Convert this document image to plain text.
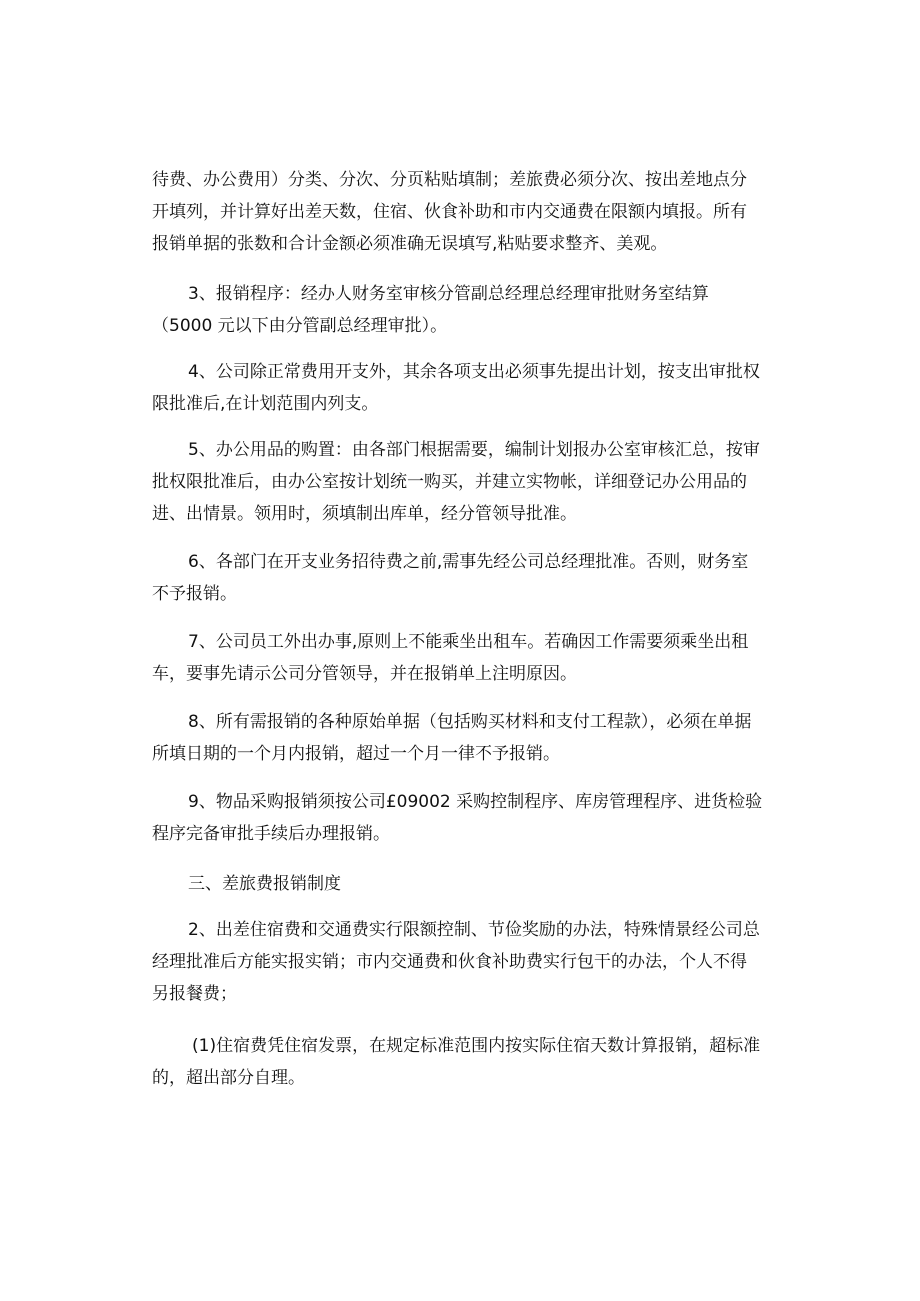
待费、办公费用）分类、分次、分页粘贴填制；差旅费必须分次、按出差地点分
开填列，并计算好出差天数，住宿、伙食补助和市内交通费在限额内填报。所有
报销单据的张数和合计金额必须准确无误填写,粘贴要求整齐、美观。
3、报销程序：经办人财务室审核分管副总经理总经理审批财务室结算
（5000 元以下由分管副总经理审批）。
4、公司除正常费用开支外，其余各项支出必须事先提出计划，按支出审批权
限批准后,在计划范围内列支。
5、办公用品的购置：由各部门根据需要，编制计划报办公室审核汇总，按审
批权限批准后，由办公室按计划统一购买，并建立实物帐，详细登记办公用品的
进、出情景。领用时，须填制出库单，经分管领导批准。
6、各部门在开支业务招待费之前,需事先经公司总经理批准。否则，财务室
不予报销。
7、公司员工外出办事,原则上不能乘坐出租车。若确因工作需要须乘坐出租
车，要事先请示公司分管领导，并在报销单上注明原因。
8、所有需报销的各种原始单据（包括购买材料和支付工程款），必须在单据
所填日期的一个月内报销，超过一个月一律不予报销。
9、物品采购报销须按公司£09002 采购控制程序、库房管理程序、进货检验
程序完备审批手续后办理报销。
三、差旅费报销制度
2、出差住宿费和交通费实行限额控制、节俭奖励的办法，特殊情景经公司总
经理批准后方能实报实销；市内交通费和伙食补助费实行包干的办法，个人不得
另报餐费；
(1)住宿费凭住宿发票，在规定标准范围内按实际住宿天数计算报销，超标准
的，超出部分自理。
